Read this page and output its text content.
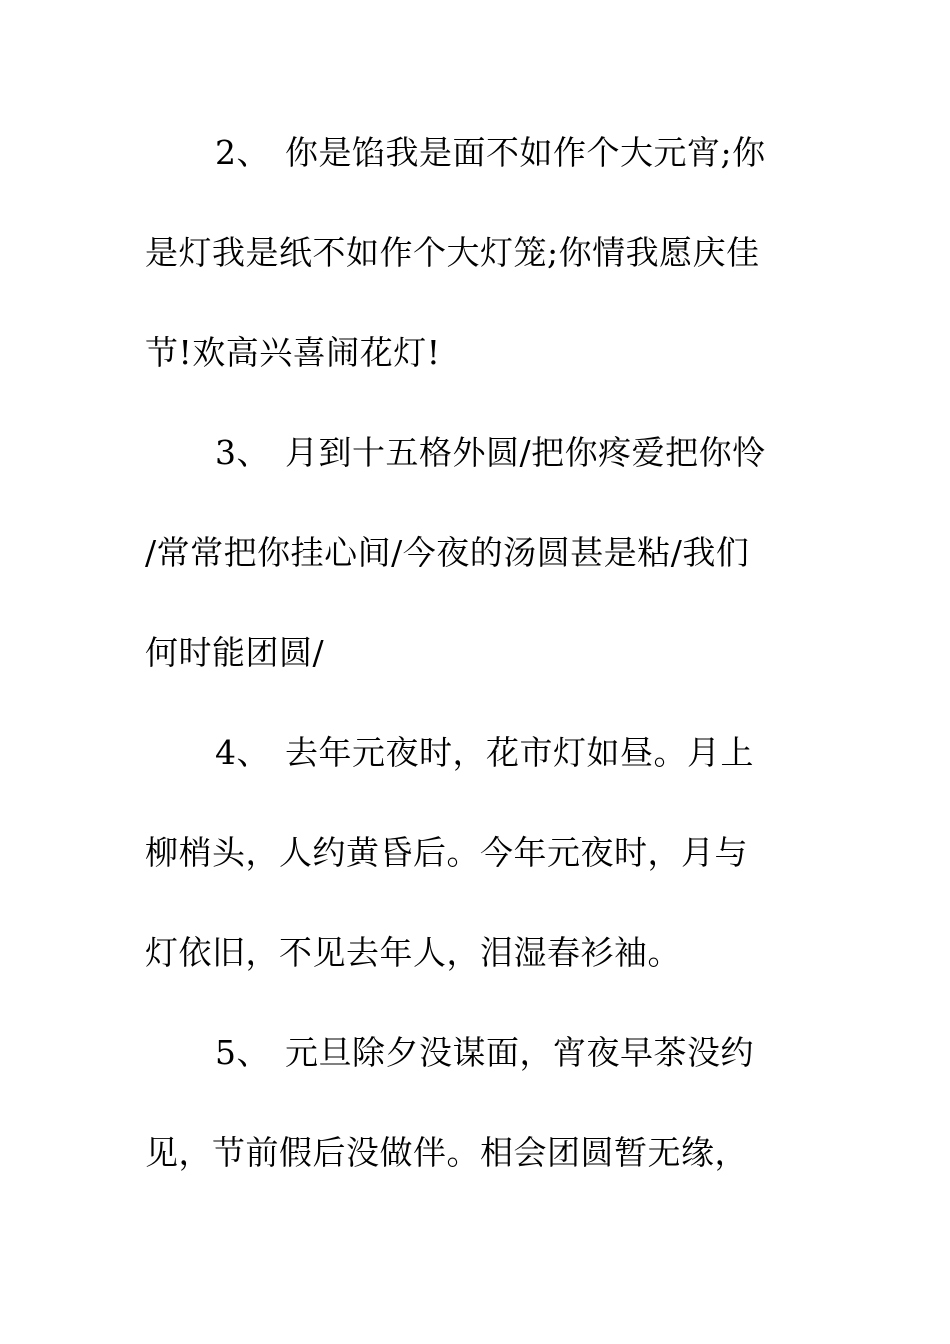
2、 你是馅我是面不如作个大元宵;你
是灯我是纸不如作个大灯笼;你情我愿庆佳
节!欢高兴喜闹花灯!

3、 月到十五格外圆/把你疼爱把你怜
/常常把你挂心间/今夜的汤圆甚是粘/我们
何时能团圆/

4、 去年元夜时，花市灯如昼。月上
柳梢头，人约黄昏后。今年元夜时，月与
灯依旧，不见去年人，泪湿春衫袖。

5、 元旦除夕没谋面，宵夜早茶没约
见，节前假后没做伴。相会团圆暂无缘，
